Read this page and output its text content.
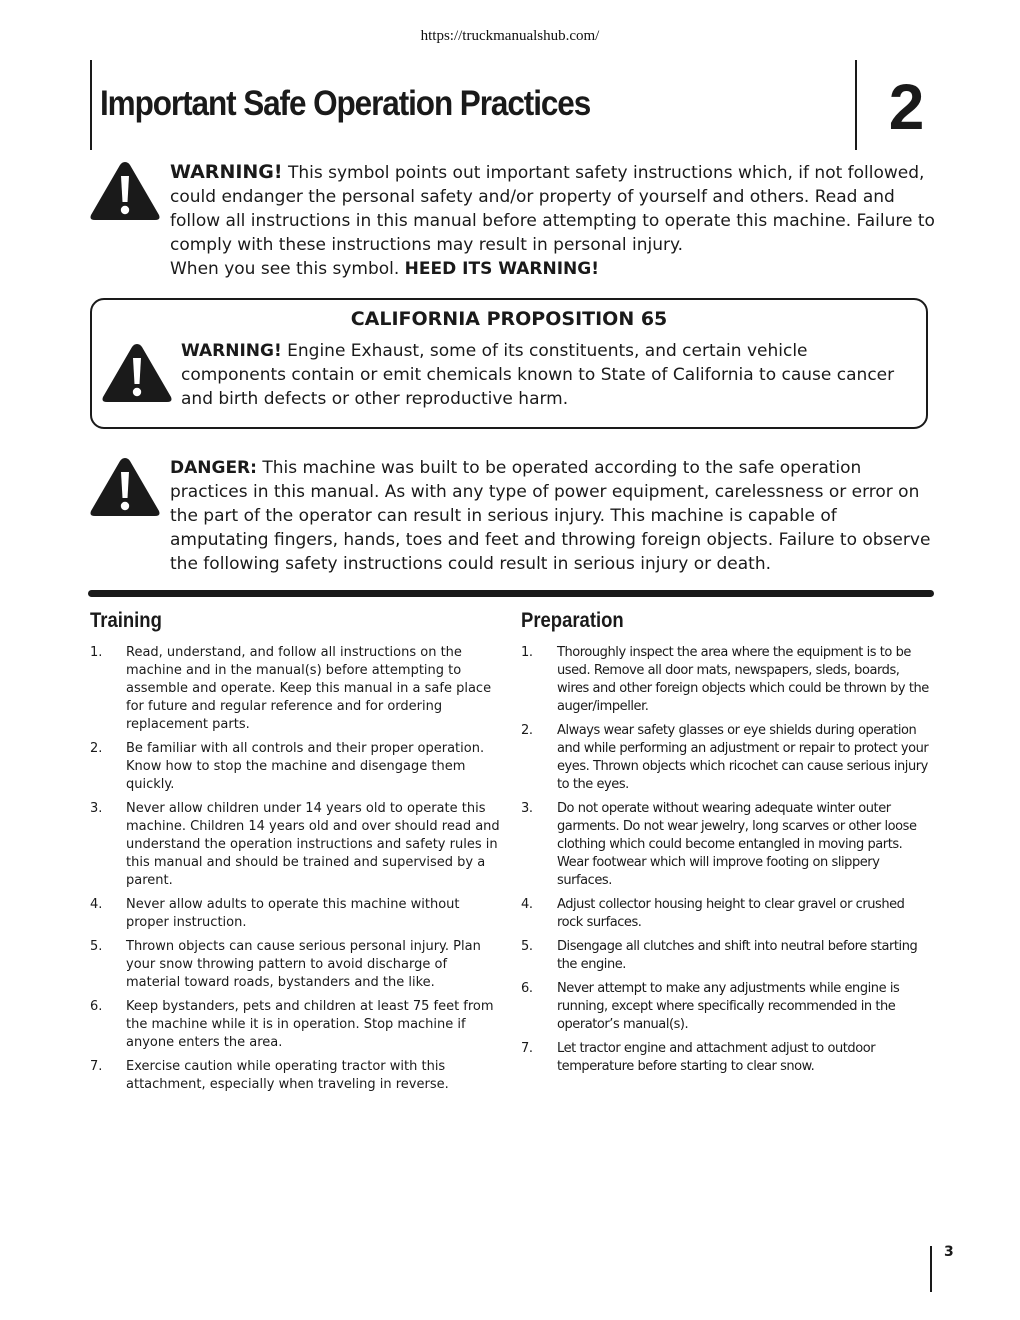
https://truckmanualshub.com/
Important Safe Operation Practices	2
WARNING! This symbol points out important safety instructions which, if not followed, could endanger the personal safety and/or property of yourself and others. Read and follow all instructions in this manual before attempting to operate this machine. Failure to comply with these instructions may result in personal injury.
When you see this symbol. HEED ITS WARNING!
CALIFORNIA PROPOSITION 65
WARNING! Engine Exhaust, some of its constituents, and certain vehicle components contain or emit chemicals known to State of California to cause cancer and birth defects or other reproductive harm.
DANGER: This machine was built to be operated according to the safe operation practices in this manual. As with any type of power equipment, carelessness or error on the part of the operator can result in serious injury. This machine is capable of amputating fingers, hands, toes and feet and throwing foreign objects. Failure to observe the following safety instructions could result in serious injury or death.
Training
1. Read, understand, and follow all instructions on the machine and in the manual(s) before attempting to assemble and operate. Keep this manual in a safe place for future and regular reference and for ordering replacement parts.
2. Be familiar with all controls and their proper operation. Know how to stop the machine and disengage them quickly.
3. Never allow children under 14 years old to operate this machine. Children 14 years old and over should read and understand the operation instructions and safety rules in this manual and should be trained and supervised by a parent.
4. Never allow adults to operate this machine without proper instruction.
5. Thrown objects can cause serious personal injury. Plan your snow throwing pattern to avoid discharge of material toward roads, bystanders and the like.
6. Keep bystanders, pets and children at least 75 feet from the machine while it is in operation. Stop machine if anyone enters the area.
7. Exercise caution while operating tractor with this attachment, especially when traveling in reverse.
Preparation
1. Thoroughly inspect the area where the equipment is to be used. Remove all door mats, newspapers, sleds, boards, wires and other foreign objects which could be thrown by the auger/impeller.
2. Always wear safety glasses or eye shields during operation and while performing an adjustment or repair to protect your eyes. Thrown objects which ricochet can cause serious injury to the eyes.
3. Do not operate without wearing adequate winter outer garments. Do not wear jewelry, long scarves or other loose clothing which could become entangled in moving parts. Wear footwear which will improve footing on slippery surfaces.
4. Adjust collector housing height to clear gravel or crushed rock surfaces.
5. Disengage all clutches and shift into neutral before starting the engine.
6. Never attempt to make any adjustments while engine is running, except where specifically recommended in the operator’s manual(s).
7. Let tractor engine and attachment adjust to outdoor temperature before starting to clear snow.
3
